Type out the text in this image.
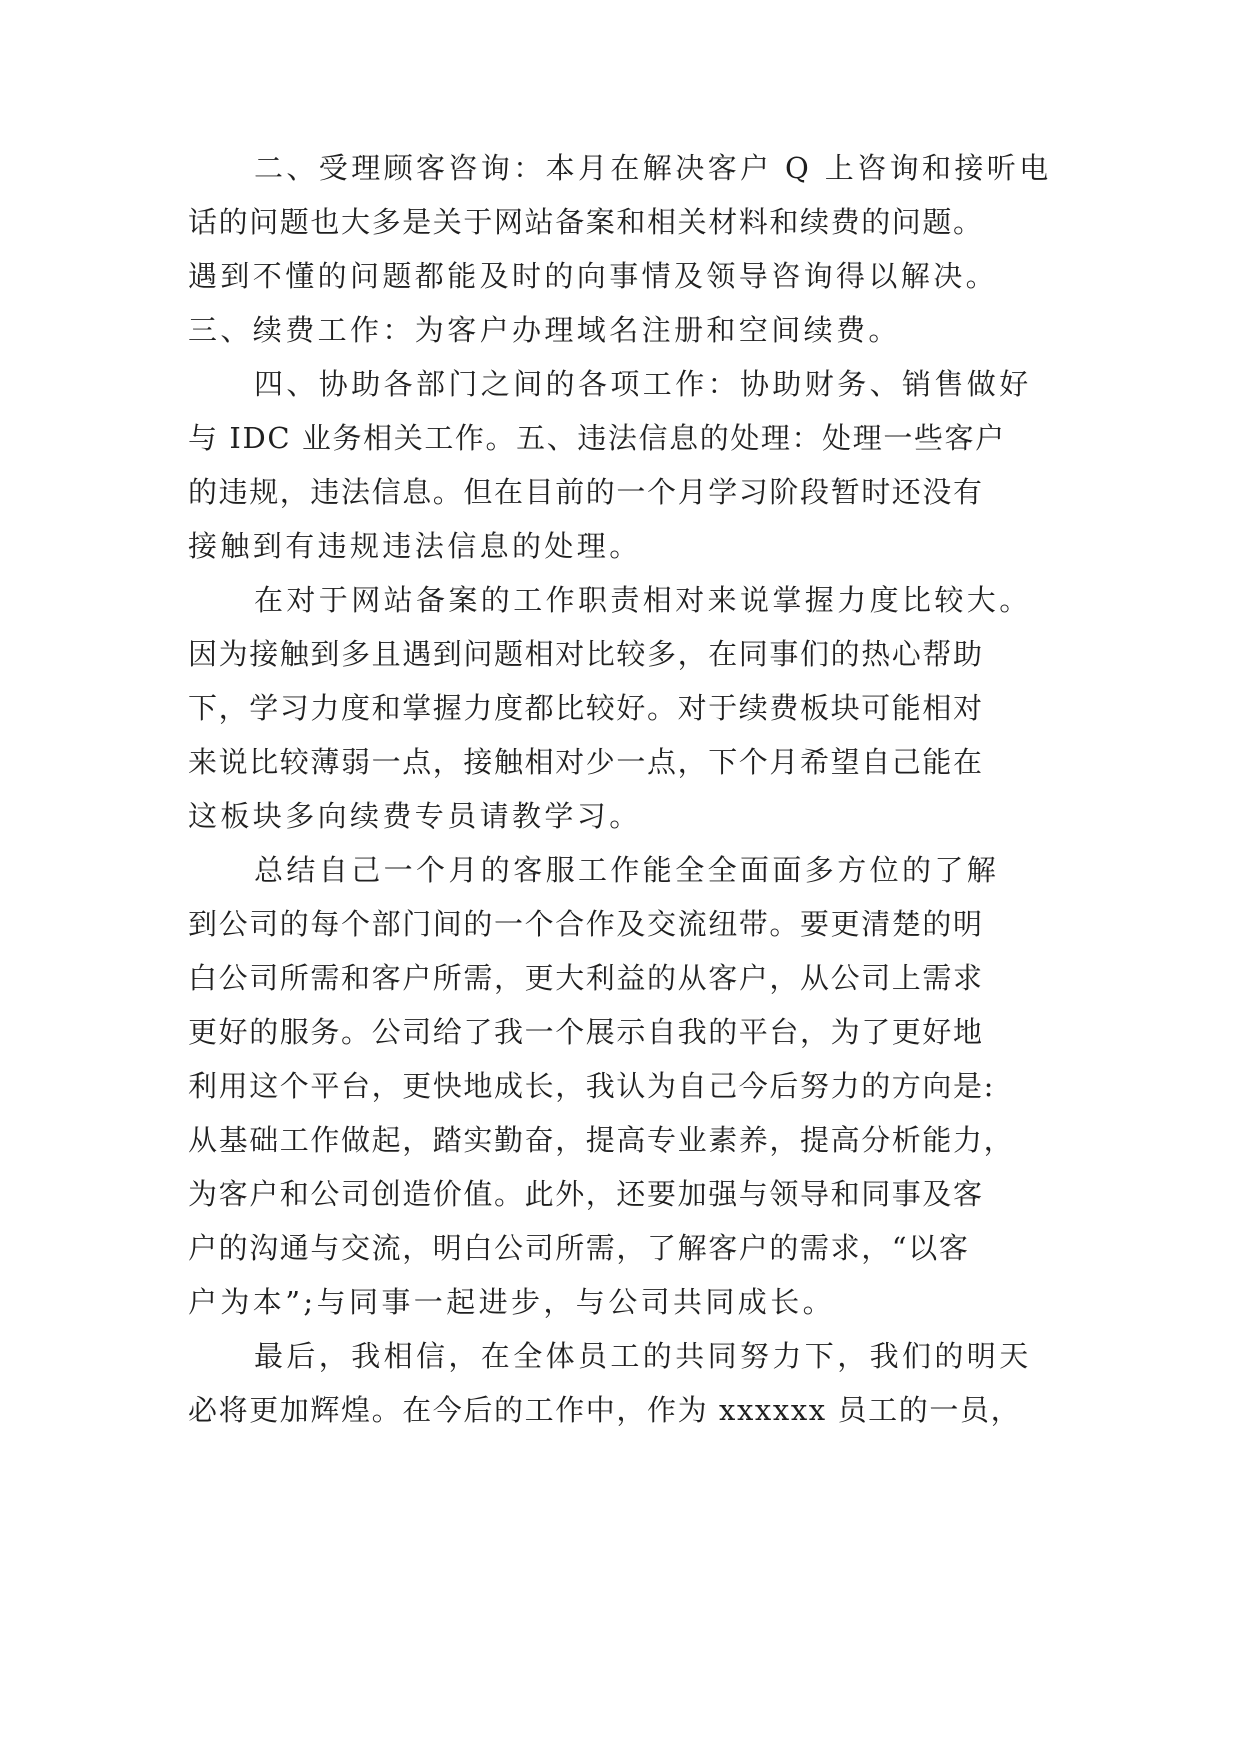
二、受理顾客咨询：本月在解决客户 Q 上咨询和接听电

话的问题也大多是关于网站备案和相关材料和续费的问题。

遇到不懂的问题都能及时的向事情及领导咨询得以解决。

三、续费工作：为客户办理域名注册和空间续费。

四、协助各部门之间的各项工作：协助财务、销售做好

与 IDC 业务相关工作。五、违法信息的处理：处理一些客户

的违规，违法信息。但在目前的一个月学习阶段暂时还没有

接触到有违规违法信息的处理。

在对于网站备案的工作职责相对来说掌握力度比较大。

因为接触到多且遇到问题相对比较多，在同事们的热心帮助

下，学习力度和掌握力度都比较好。对于续费板块可能相对

来说比较薄弱一点，接触相对少一点，下个月希望自己能在

这板块多向续费专员请教学习。

总结自己一个月的客服工作能全全面面多方位的了解

到公司的每个部门间的一个合作及交流纽带。要更清楚的明

白公司所需和客户所需，更大利益的从客户，从公司上需求

更好的服务。公司给了我一个展示自我的平台，为了更好地

利用这个平台，更快地成长，我认为自己今后努力的方向是:

从基础工作做起，踏实勤奋，提高专业素养，提高分析能力，

为客户和公司创造价值。此外，还要加强与领导和同事及客

户的沟通与交流，明白公司所需，了解客户的需求，“以客

户为本”;与同事一起进步，与公司共同成长。

最后，我相信，在全体员工的共同努力下，我们的明天

必将更加辉煌。在今后的工作中，作为 xxxxxx 员工的一员，
